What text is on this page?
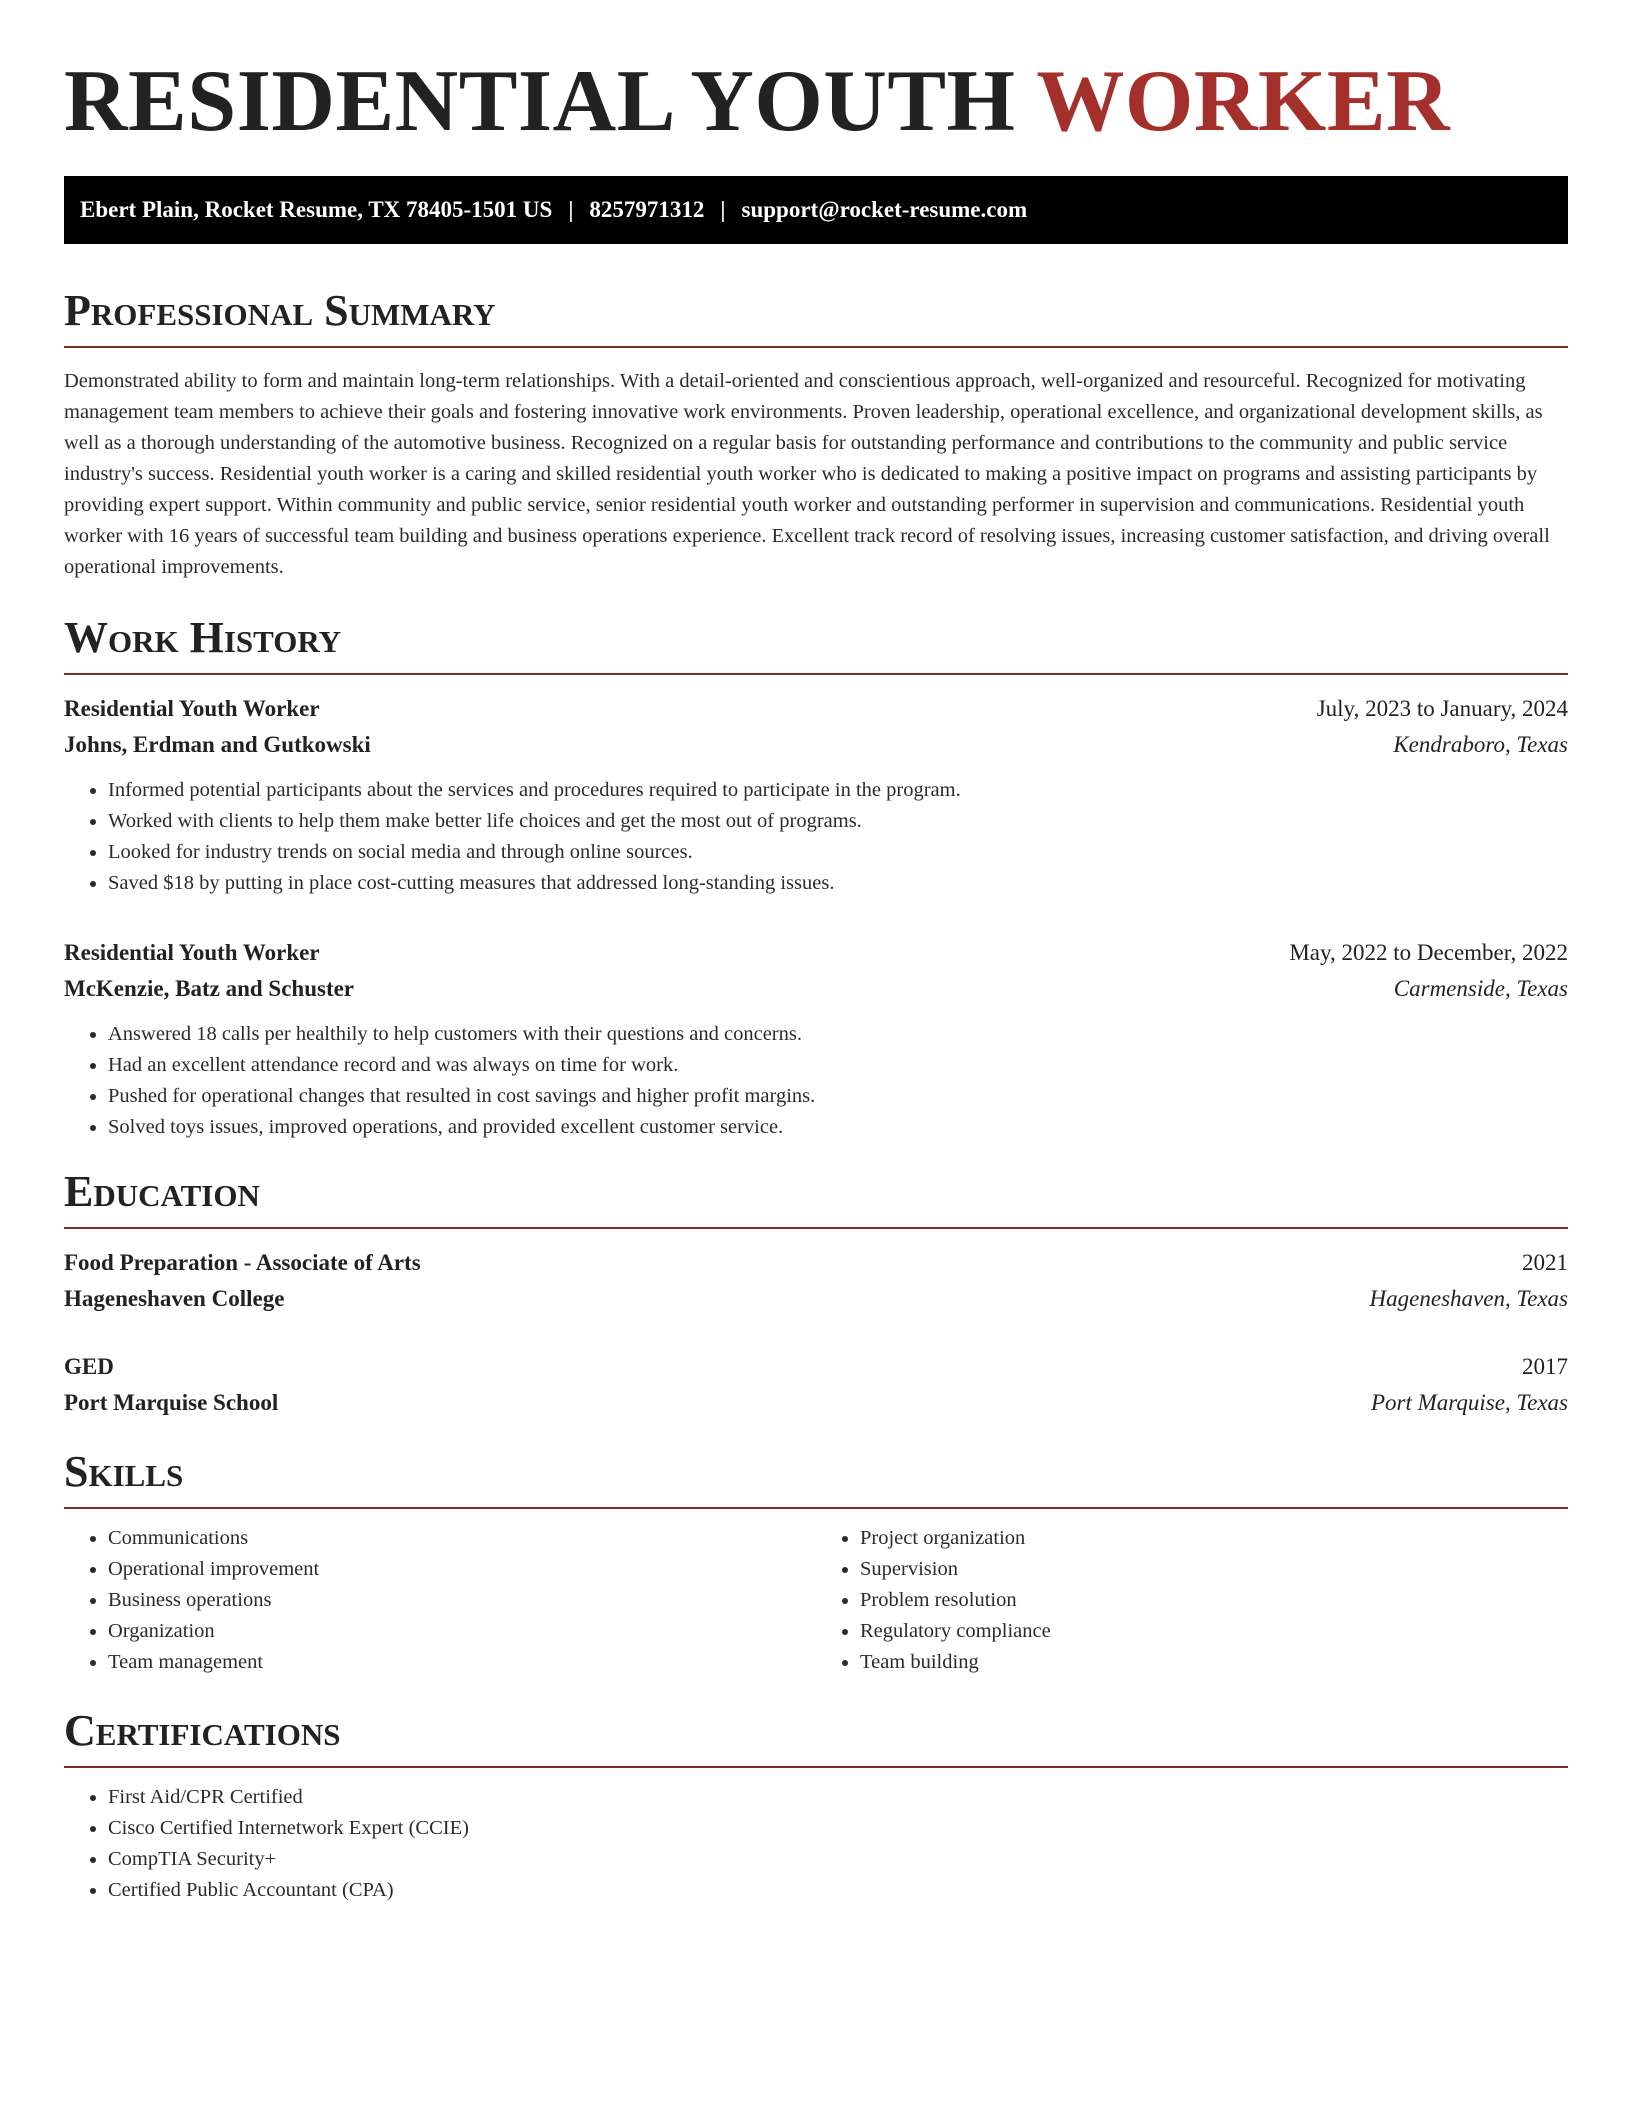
RESIDENTIAL YOUTH WORKER
Ebert Plain, Rocket Resume, TX 78405-1501 US | 8257971312 | support@rocket-resume.com
Professional Summary

Demonstrated ability to form and maintain long-term relationships. With a detail-oriented and conscientious approach, well-organized and resourceful. Recognized for motivating management team members to achieve their goals and fostering innovative work environments. Proven leadership, operational excellence, and organizational development skills, as well as a thorough understanding of the automotive business. Recognized on a regular basis for outstanding performance and contributions to the community and public service industry's success. Residential youth worker is a caring and skilled residential youth worker who is dedicated to making a positive impact on programs and assisting participants by providing expert support. Within community and public service, senior residential youth worker and outstanding performer in supervision and communications. Residential youth worker with 16 years of successful team building and business operations experience. Excellent track record of resolving issues, increasing customer satisfaction, and driving overall operational improvements.

Work History
Residential Youth Worker	July, 2023 to January, 2024
Johns, Erdman and Gutkowski	Kendraboro, Texas
• Informed potential participants about the services and procedures required to participate in the program.
• Worked with clients to help them make better life choices and get the most out of programs.
• Looked for industry trends on social media and through online sources.
• Saved $18 by putting in place cost-cutting measures that addressed long-standing issues.
Residential Youth Worker	May, 2022 to December, 2022
McKenzie, Batz and Schuster	Carmenside, Texas
• Answered 18 calls per healthily to help customers with their questions and concerns.
• Had an excellent attendance record and was always on time for work.
• Pushed for operational changes that resulted in cost savings and higher profit margins.
• Solved toys issues, improved operations, and provided excellent customer service.
Education
Food Preparation - Associate of Arts	2021
Hageneshaven College	Hageneshaven, Texas
GED	2017
Port Marquise School	Port Marquise, Texas
Skills
• Communications
• Operational improvement
• Business operations
• Organization
• Team management
• Project organization
• Supervision
• Problem resolution
• Regulatory compliance
• Team building
Certifications
• First Aid/CPR Certified
• Cisco Certified Internetwork Expert (CCIE)
• CompTIA Security+
• Certified Public Accountant (CPA)
